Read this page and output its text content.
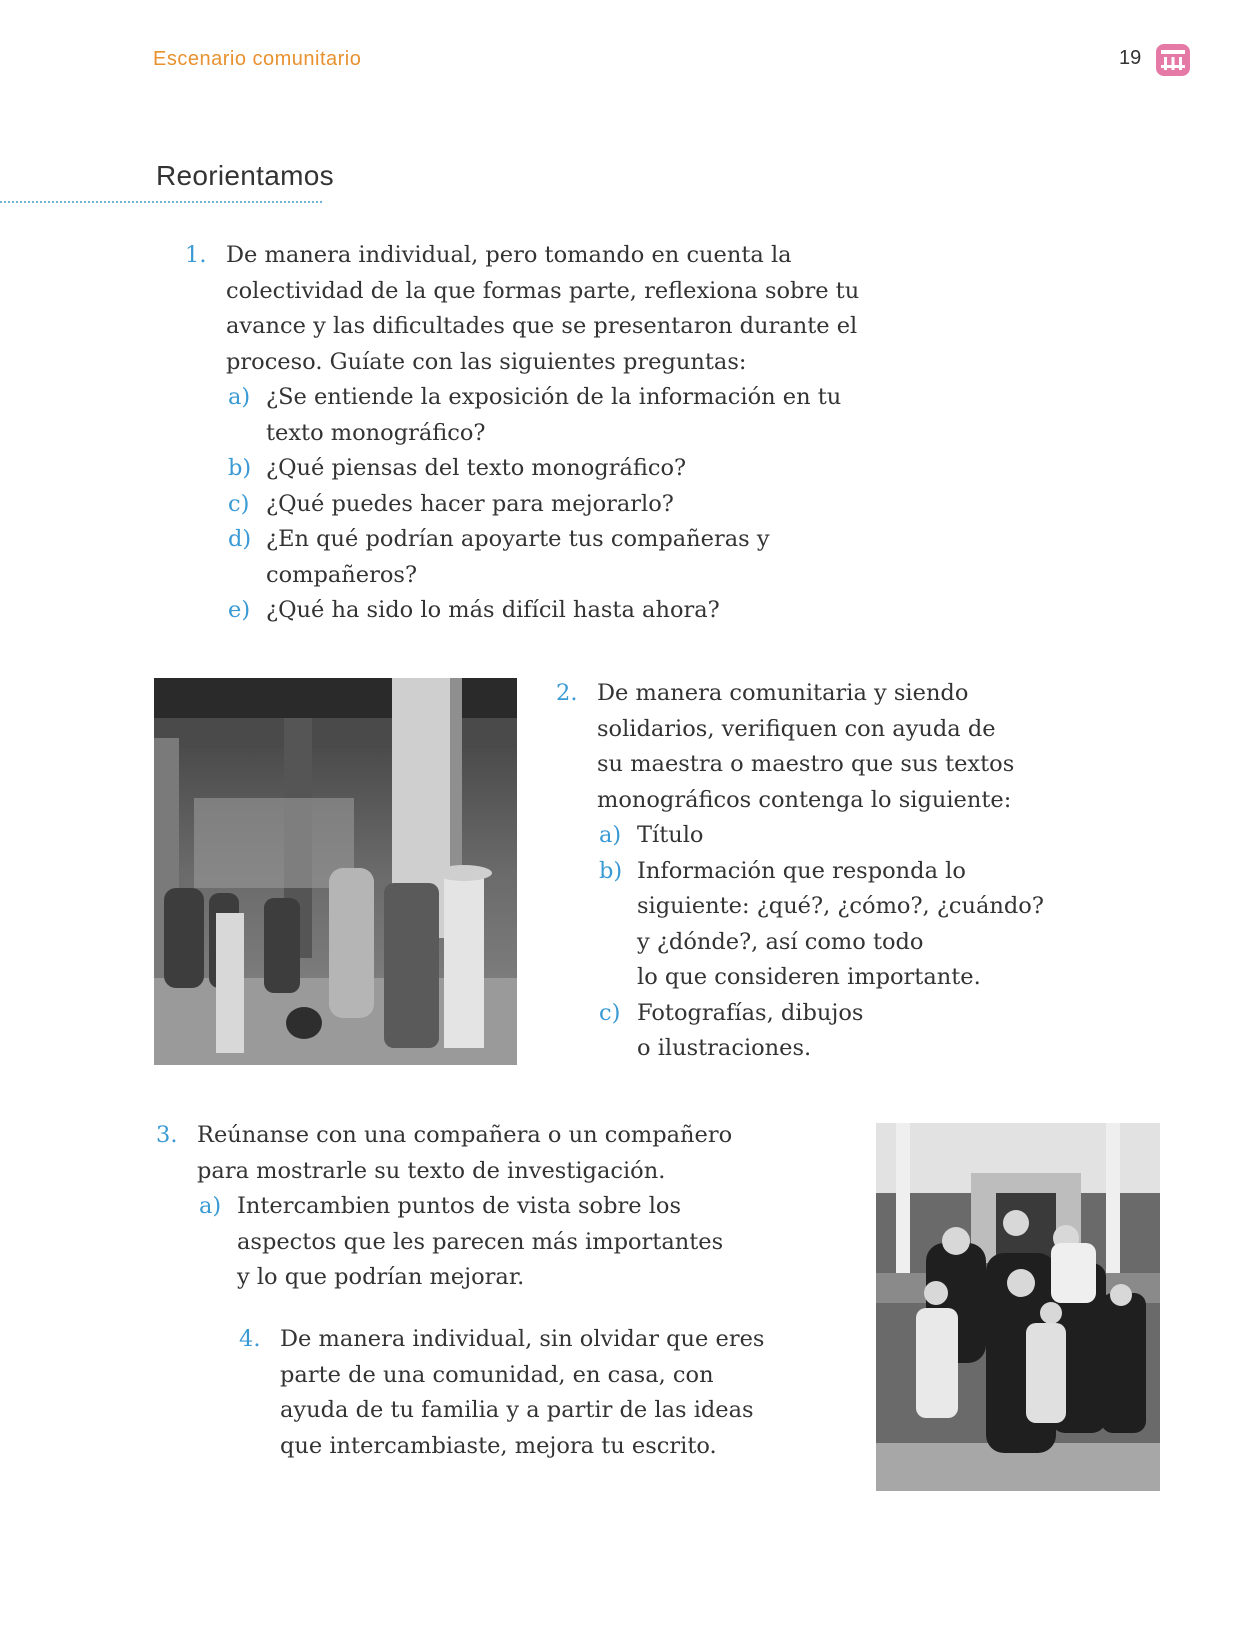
Escenario comunitario	19
Reorientamos
1. De manera individual, pero tomando en cuenta la
colectividad de la que formas parte, reflexiona sobre tu
avance y las dificultades que se presentaron durante el
proceso. Guíate con las siguientes preguntas:
a) ¿Se entiende la exposición de la información en tu
texto monográfico?
b) ¿Qué piensas del texto monográfico?
c) ¿Qué puedes hacer para mejorarlo?
d) ¿En qué podrían apoyarte tus compañeras y
compañeros?
e) ¿Qué ha sido lo más difícil hasta ahora?
2. De manera comunitaria y siendo
solidarios, verifiquen con ayuda de
su maestra o maestro que sus textos
monográficos contenga lo siguiente:
a) Título
b) Información que responda lo
siguiente: ¿qué?, ¿cómo?, ¿cuándo?
y ¿dónde?, así como todo
lo que consideren importante.
c) Fotografías, dibujos
o ilustraciones.
3. Reúnanse con una compañera o un compañero
para mostrarle su texto de investigación.
a) Intercambien puntos de vista sobre los
aspectos que les parecen más importantes
y lo que podrían mejorar.
4. De manera individual, sin olvidar que eres
parte de una comunidad, en casa, con
ayuda de tu familia y a partir de las ideas
que intercambiaste, mejora tu escrito.
